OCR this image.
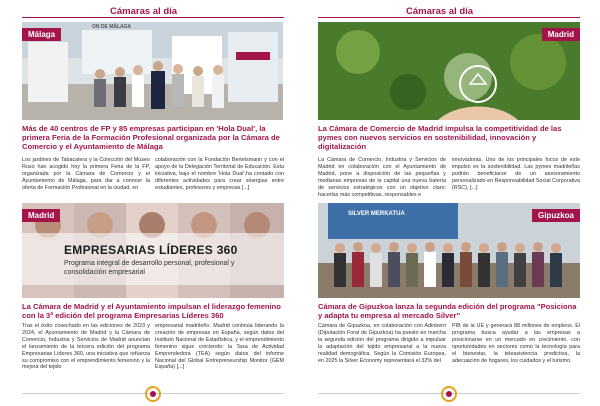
Cámaras al día
Málaga
ON DE MÁLAGA
Más de 40 centros de FP y 85 empresas participan en 'Hola Dual', la primera Feria de la Formación Profesional organizada por la Cámara de Comercio y el Ayuntamiento de Málaga
Los jardines de Tabacalera y la Colección del Museo Ruso han acogido hoy la primera Feria de la FP, organizada por la Cámara de Comercio y el Ayuntamiento de Málaga, para dar a conocer la oferta de Formación Profesional en la ciudad, en
colaboración con la Fundación Bertelsmann y con el apoyo de la Delegación Territorial de Educación. Esta iniciativa, bajo el nombre 'Hola Dual',ha contado con diferentes actividades para crear sinergias entre estudiantes, profesores y empresas [...]
Madrid
EMPRESARIAS LÍDERES 360
Programa integral de desarrollo personal, profesional y consolidación empresarial
La Cámara de Madrid y el Ayuntamiento impulsan el liderazgo femenino con la 3ª edición del programa Empresarias Líderes 360
Tras el éxito cosechado en las ediciones de 2023 y 2024, el Ayuntamiento de Madrid y la Cámara de Comercio, Industria y Servicios de Madrid anuncian el lanzamiento de la tercera edición del programa Empresarias Líderes 360, una iniciativa que refuerza su compromiso con el emprendimiento femenino y la mejora del tejido
empresarial madrileño. Madrid continúa liderando la creación de empresas en España, según datos del Instituto Nacional de Estadística, y el emprendimiento femenino sigue creciendo: la Tasa de Actividad Emprendedora (TEA) según datos del informe Nacional del Global Entrepreneurship Monitor (GEM España) [...]
Cámaras al día
Madrid
La Cámara de Comercio de Madrid impulsa la competitividad de las pymes con nuevos servicios en sostenibilidad, innovación y digitalización
La Cámara de Comercio, Industria y Servicios de Madrid en colaboración con el Ayuntamiento de Madrid, pone a disposición de las pequeñas y medianas empresas de la capital una nueva batería de servicios estratégicos con un objetivo claro: hacerlas más competitivas, responsables e
innovadoras. Uno de los principales focos de este impulso es la sostenibilidad. Las pymes madrileñas podrán beneficiarse de un asesoramiento personalizado en Responsabilidad Social Corporativa (RSC), [...]
Gipuzkoa
SILVER MERKATUA
Cámara de Gipuzkoa lanza la segunda edición del programa "Posiciona y adapta tu empresa al mercado Silver"
Cámara de Gipuzkoa, en colaboración con Adinberri (Diputación Foral de Gipuzkoa) ha puesto en marcha la segunda edición del programa dirigido a impulsar la adaptación del tejido empresarial a la nueva realidad demográfica. Según la Comisión Europea, en 2025 la Silver Economy representará el 32% del
PIB de la UE y generará 88 millones de empleos. El programa busca ayudar a las empresas a posicionarse en un mercado en crecimiento, con oportunidades en sectores como la tecnología para el bienestar, la teleasistencia predictiva, la adecuación de hogares, los cuidados y el turismo.
